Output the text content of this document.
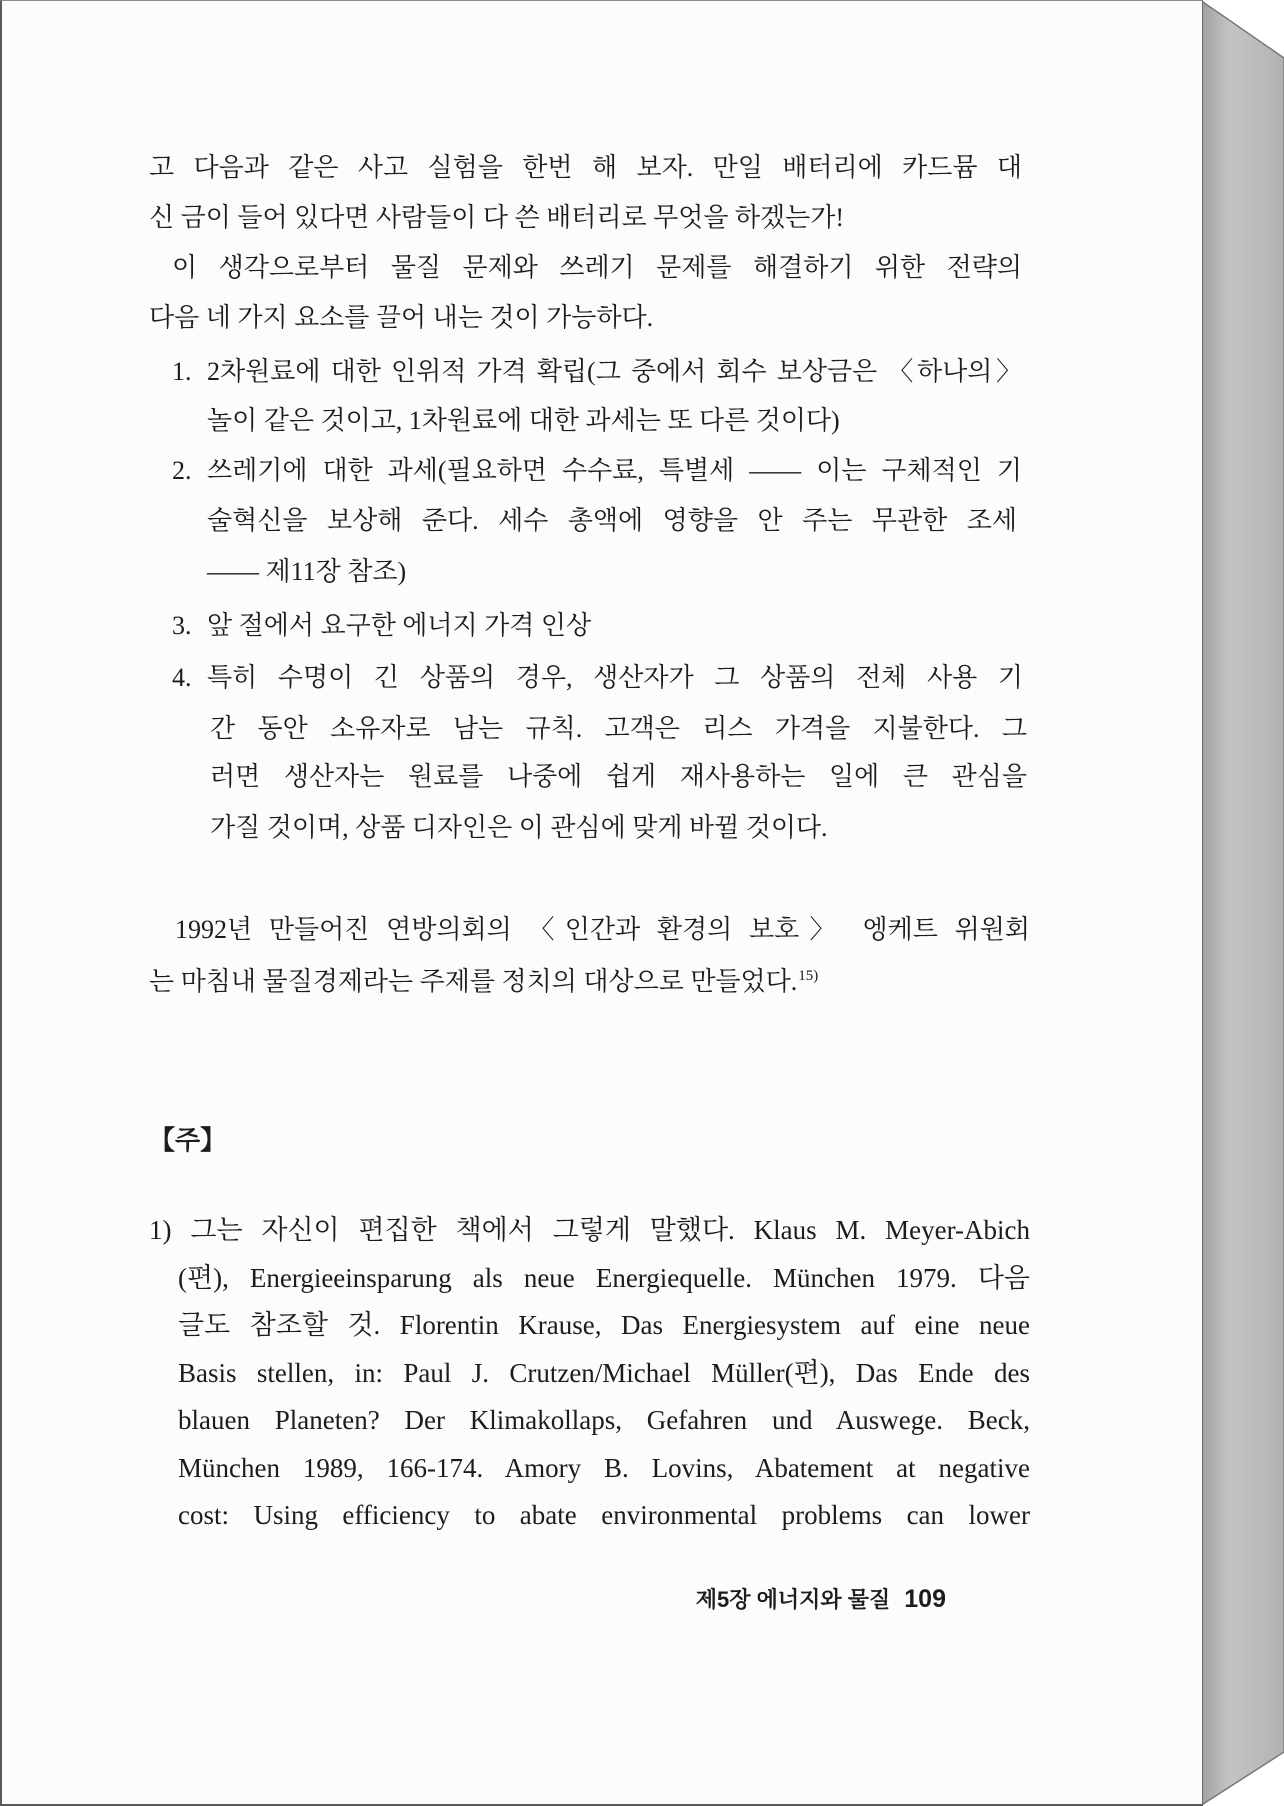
고 다음과 같은 사고 실험을 한번 해 보자. 만일 배터리에 카드뮴 대
신 금이 들어 있다면 사람들이 다 쓴 배터리로 무엇을 하겠는가!
이 생각으로부터 물질 문제와 쓰레기 문제를 해결하기 위한 전략의
다음 네 가지 요소를 끌어 내는 것이 가능하다.
1. 2차원료에 대한 인위적 가격 확립(그 중에서 회수 보상금은 〈하나의〉
놀이 같은 것이고, 1차원료에 대한 과세는 또 다른 것이다)
2. 쓰레기에 대한 과세(필요하면 수수료, 특별세 —— 이는 구체적인 기
술혁신을 보상해 준다. 세수 총액에 영향을 안 주는 무관한 조세
—— 제11장 참조)
3. 앞 절에서 요구한 에너지 가격 인상
4. 특히 수명이 긴 상품의 경우, 생산자가 그 상품의 전체 사용 기
간 동안 소유자로 남는 규칙. 고객은 리스 가격을 지불한다. 그
러면 생산자는 원료를 나중에 쉽게 재사용하는 일에 큰 관심을
가질 것이며, 상품 디자인은 이 관심에 맞게 바뀔 것이다.
1992년 만들어진 연방의회의 〈인간과 환경의 보호〉 엥케트 위원회
는 마침내 물질경제라는 주제를 정치의 대상으로 만들었다.$^{15)}$
【주】
1) 그는 자신이 편집한 책에서 그렇게 말했다. Klaus M. Meyer-Abich
(편), Energieeinsparung als neue Energiequelle. München 1979. 다음
글도 참조할 것. Florentin Krause, Das Energiesystem auf eine neue
Basis stellen, in: Paul J. Crutzen/Michael Müller(편), Das Ende des
blauen Planeten? Der Klimakollaps, Gefahren und Auswege. Beck,
München 1989, 166-174. Amory B. Lovins, Abatement at negative
cost: Using efficiency to abate environmental problems can lower
제5장 에너지와 물질 109
